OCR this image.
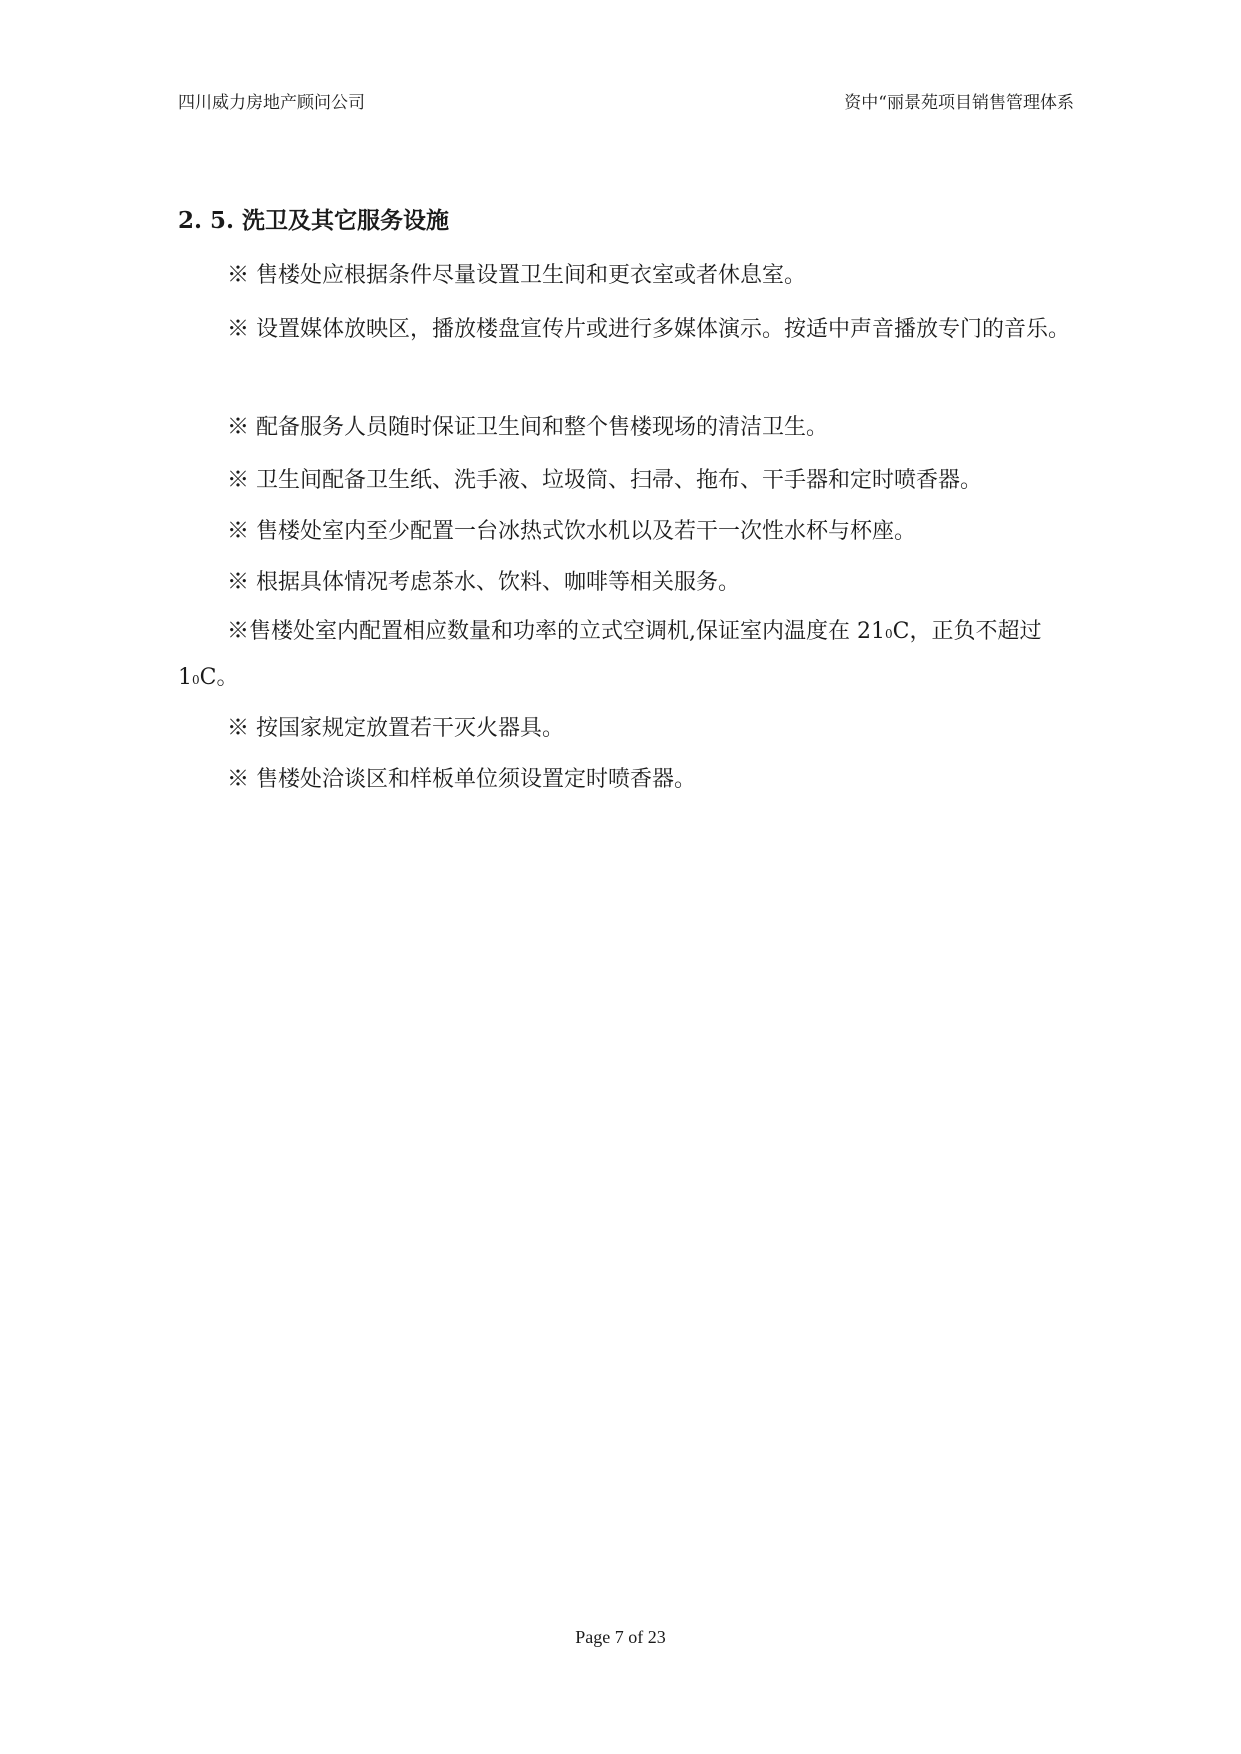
四川威力房地产顾问公司	资中“丽景苑项目销售管理体系
2. 5. 洗卫及其它服务设施

※ 售楼处应根据条件尽量设置卫生间和更衣室或者休息室。

※ 设置媒体放映区，播放楼盘宣传片或进行多媒体演示。按适中声音播放专门的音乐。

※ 配备服务人员随时保证卫生间和整个售楼现场的清洁卫生。

※ 卫生间配备卫生纸、洗手液、垃圾筒、扫帚、拖布、干手器和定时喷香器。

※ 售楼处室内至少配置一台冰热式饮水机以及若干一次性水杯与杯座。

※ 根据具体情况考虑茶水、饮料、咖啡等相关服务。

※售楼处室内配置相应数量和功率的立式空调机,保证室内温度在 $21^0C$，正负不超过 $1^0C$。

※ 按国家规定放置若干灭火器具。

※ 售楼处洽谈区和样板单位须设置定时喷香器。

Page 7 of 23
